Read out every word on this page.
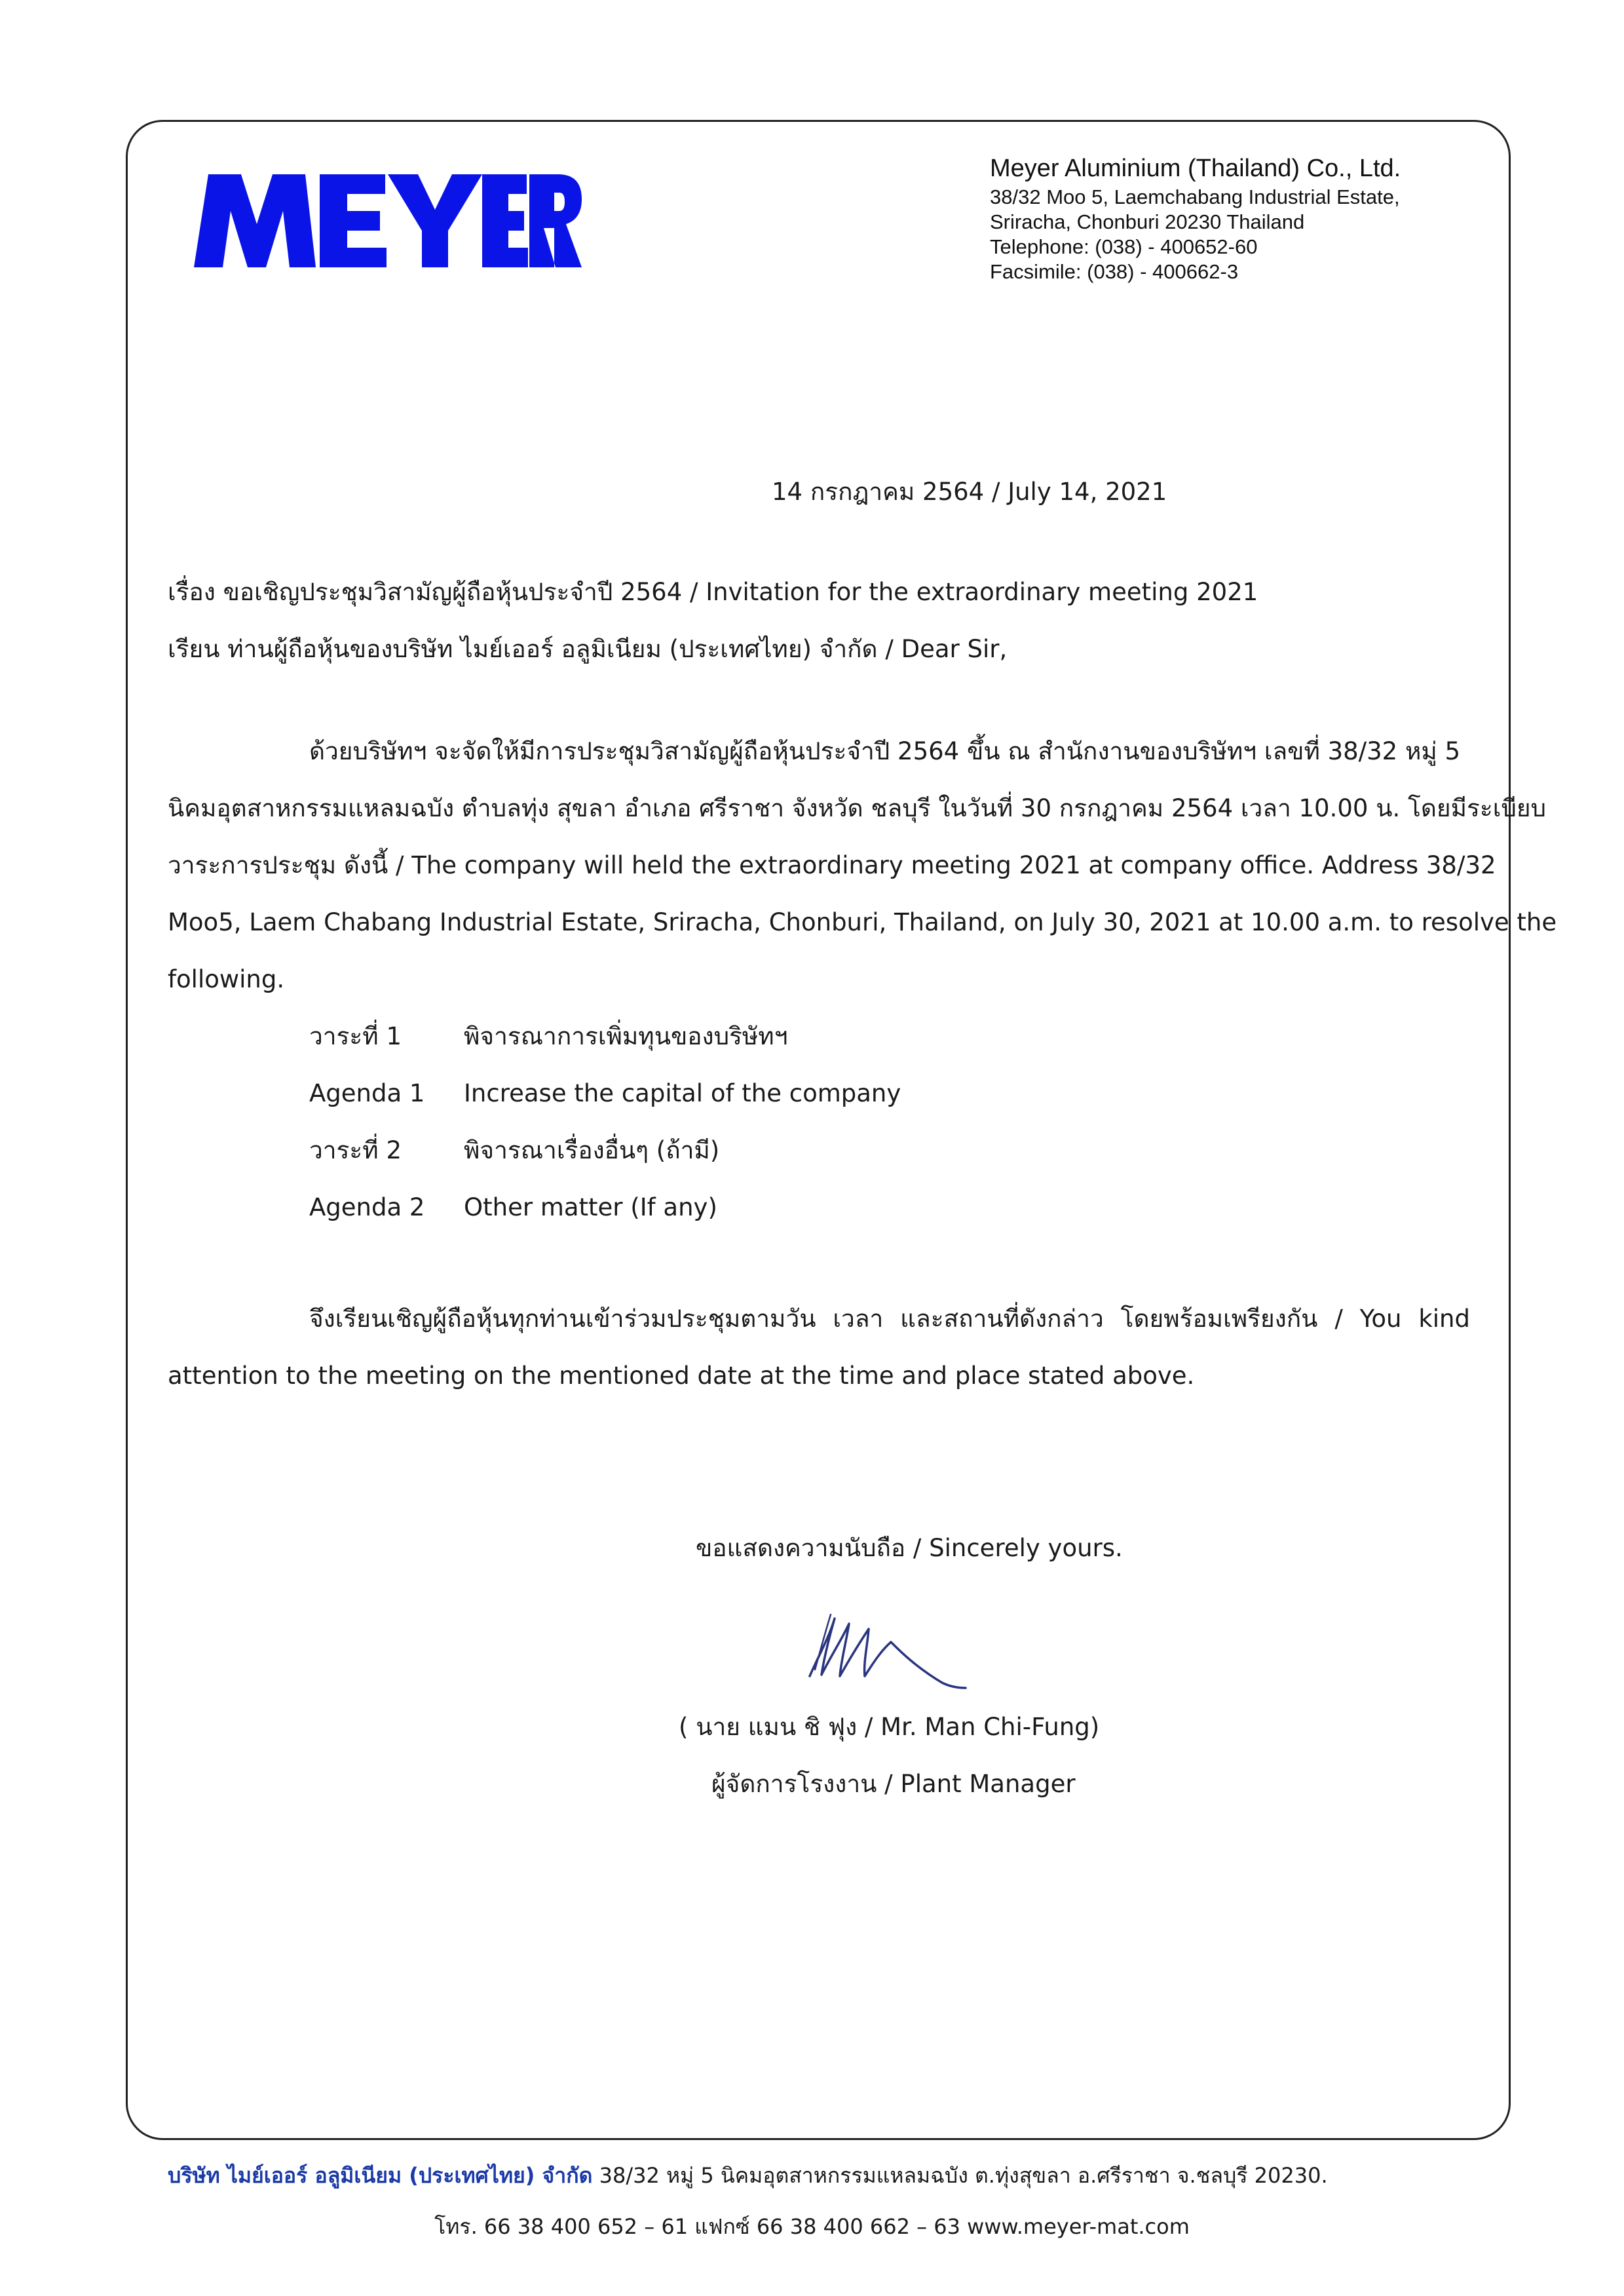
Meyer Aluminium (Thailand) Co., Ltd.
38/32 Moo 5, Laemchabang Industrial Estate,
Sriracha, Chonburi 20230 Thailand
Telephone: (038) - 400652-60
Facsimile: (038) - 400662-3
14 กรกฎาคม 2564 / July 14, 2021
เรื่อง ขอเชิญประชุมวิสามัญผู้ถือหุ้นประจำปี 2564 / Invitation for the extraordinary meeting 2021
เรียน ท่านผู้ถือหุ้นของบริษัท ไมย์เออร์ อลูมิเนียม (ประเทศไทย) จำกัด / Dear Sir,
ด้วยบริษัทฯ จะจัดให้มีการประชุมวิสามัญผู้ถือหุ้นประจำปี 2564 ขึ้น ณ สำนักงานของบริษัทฯ เลขที่ 38/32 หมู่ 5
นิคมอุตสาหกรรมแหลมฉบัง ตำบลทุ่ง สุขลา อำเภอ ศรีราชา จังหวัด ชลบุรี ในวันที่ 30 กรกฎาคม 2564 เวลา 10.00 น. โดยมีระเบียบ
วาระการประชุม ดังนี้ / The company will held the extraordinary meeting 2021 at company office. Address 38/32
Moo5, Laem Chabang Industrial Estate, Sriracha, Chonburi, Thailand, on July 30, 2021 at 10.00 a.m. to resolve the
following.
วาระที่ 1	พิจารณาการเพิ่มทุนของบริษัทฯ
Agenda 1 Increase the capital of the company
วาระที่ 2	พิจารณาเรื่องอื่นๆ (ถ้ามี)
Agenda 2 Other matter (If any)
จึงเรียนเชิญผู้ถือหุ้นทุกท่านเข้าร่วมประชุมตามวัน เวลา และสถานที่ดังกล่าว โดยพร้อมเพรียงกัน / You kind
attention to the meeting on the mentioned date at the time and place stated above.
ขอแสดงความนับถือ / Sincerely yours.
( นาย แมน ชิ ฟุง / Mr. Man Chi-Fung)
ผู้จัดการโรงงาน / Plant Manager
บริษัท ไมย์เออร์ อลูมิเนียม (ประเทศไทย) จำกัด 38/32 หมู่ 5 นิคมอุตสาหกรรมแหลมฉบัง ต.ทุ่งสุขลา อ.ศรีราชา จ.ชลบุรี 20230.
โทร. 66 38 400 652 – 61 แฟกซ์ 66 38 400 662 – 63 www.meyer-mat.com
